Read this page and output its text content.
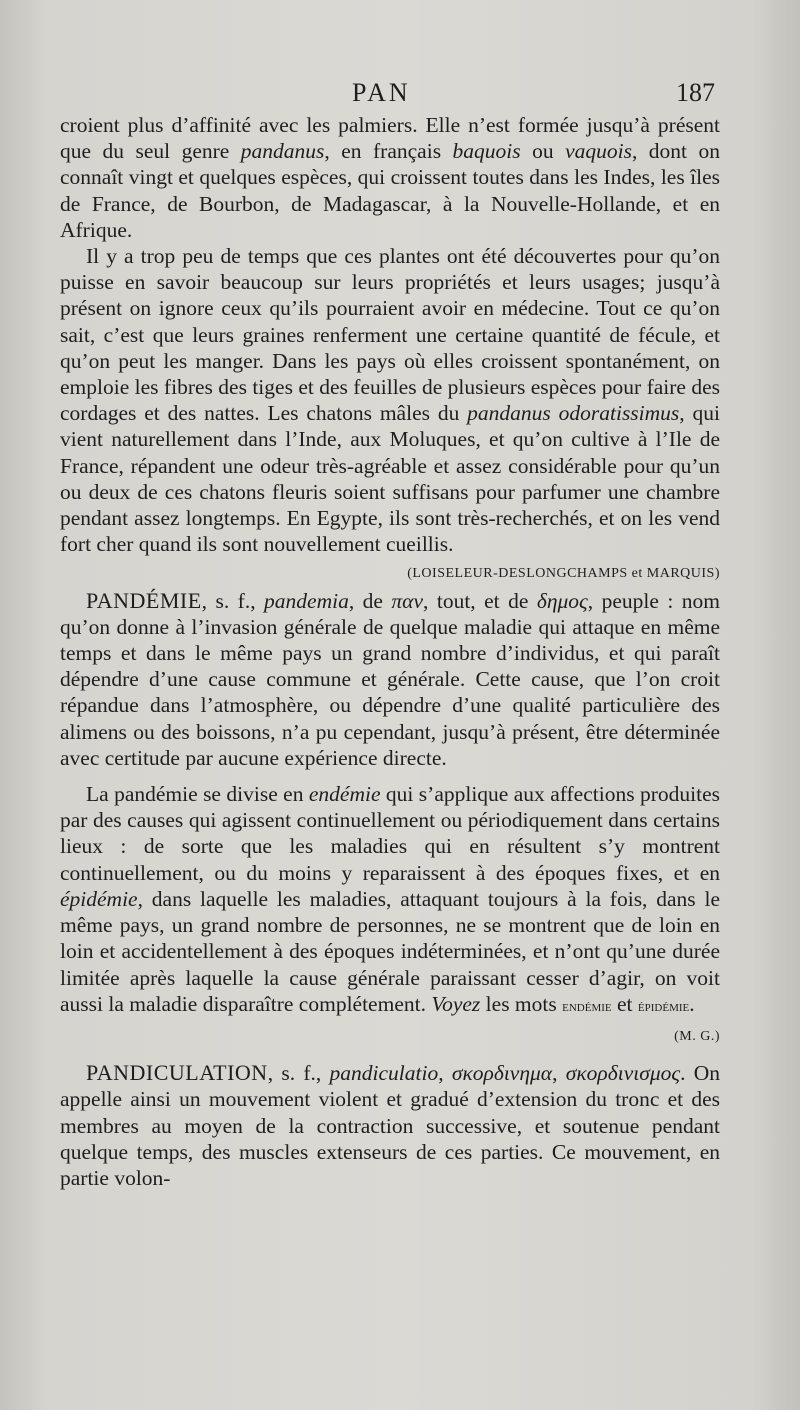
PAN	187

croient plus d’affinité avec les palmiers. Elle n’est formée jusqu’à présent que du seul genre pandanus, en français baquois ou vaquois, dont on connaît vingt et quelques espèces, qui croissent toutes dans les Indes, les îles de France, de Bourbon, de Madagascar, à la Nouvelle-Hollande, et en Afrique.

Il y a trop peu de temps que ces plantes ont été découvertes pour qu’on puisse en savoir beaucoup sur leurs propriétés et leurs usages; jusqu’à présent on ignore ceux qu’ils pourraient avoir en médecine. Tout ce qu’on sait, c’est que leurs graines renferment une certaine quantité de fécule, et qu’on peut les manger. Dans les pays où elles croissent spontanément, on emploie les fibres des tiges et des feuilles de plusieurs espèces pour faire des cordages et des nattes. Les chatons mâles du pandanus odoratissimus, qui vient naturellement dans l’Inde, aux Moluques, et qu’on cultive à l’Ile de France, répandent une odeur très-agréable et assez considérable pour qu’un ou deux de ces chatons fleuris soient suffisans pour parfumer une chambre pendant assez longtemps. En Egypte, ils sont très-recherchés, et on les vend fort cher quand ils sont nouvellement cueillis.

(LOISELEUR-DESLONGCHAMPS et MARQUIS)

PANDÉMIE, s. f., pandemia, de παν, tout, et de δημος, peuple : nom qu’on donne à l’invasion générale de quelque maladie qui attaque en même temps et dans le même pays un grand nombre d’individus, et qui paraît dépendre d’une cause commune et générale. Cette cause, que l’on croit répandue dans l’atmosphère, ou dépendre d’une qualité particulière des alimens ou des boissons, n’a pu cependant, jusqu’à présent, être déterminée avec certitude par aucune expérience directe.

La pandémie se divise en endémie qui s’applique aux affections produites par des causes qui agissent continuellement ou périodiquement dans certains lieux : de sorte que les maladies qui en résultent s’y montrent continuellement, ou du moins y reparaissent à des époques fixes, et en épidémie, dans laquelle les maladies, attaquant toujours à la fois, dans le même pays, un grand nombre de personnes, ne se montrent que de loin en loin et accidentellement à des époques indéterminées, et n’ont qu’une durée limitée après laquelle la cause générale paraissant cesser d’agir, on voit aussi la maladie disparaître complétement. Voyez les mots endémie et épidémie.

(M. G.)

PANDICULATION, s. f., pandiculatio, σκορδινημα, σκορδινισμος. On appelle ainsi un mouvement violent et gradué d’extension du tronc et des membres au moyen de la contraction successive, et soutenue pendant quelque temps, des muscles extenseurs de ces parties. Ce mouvement, en partie volon-
